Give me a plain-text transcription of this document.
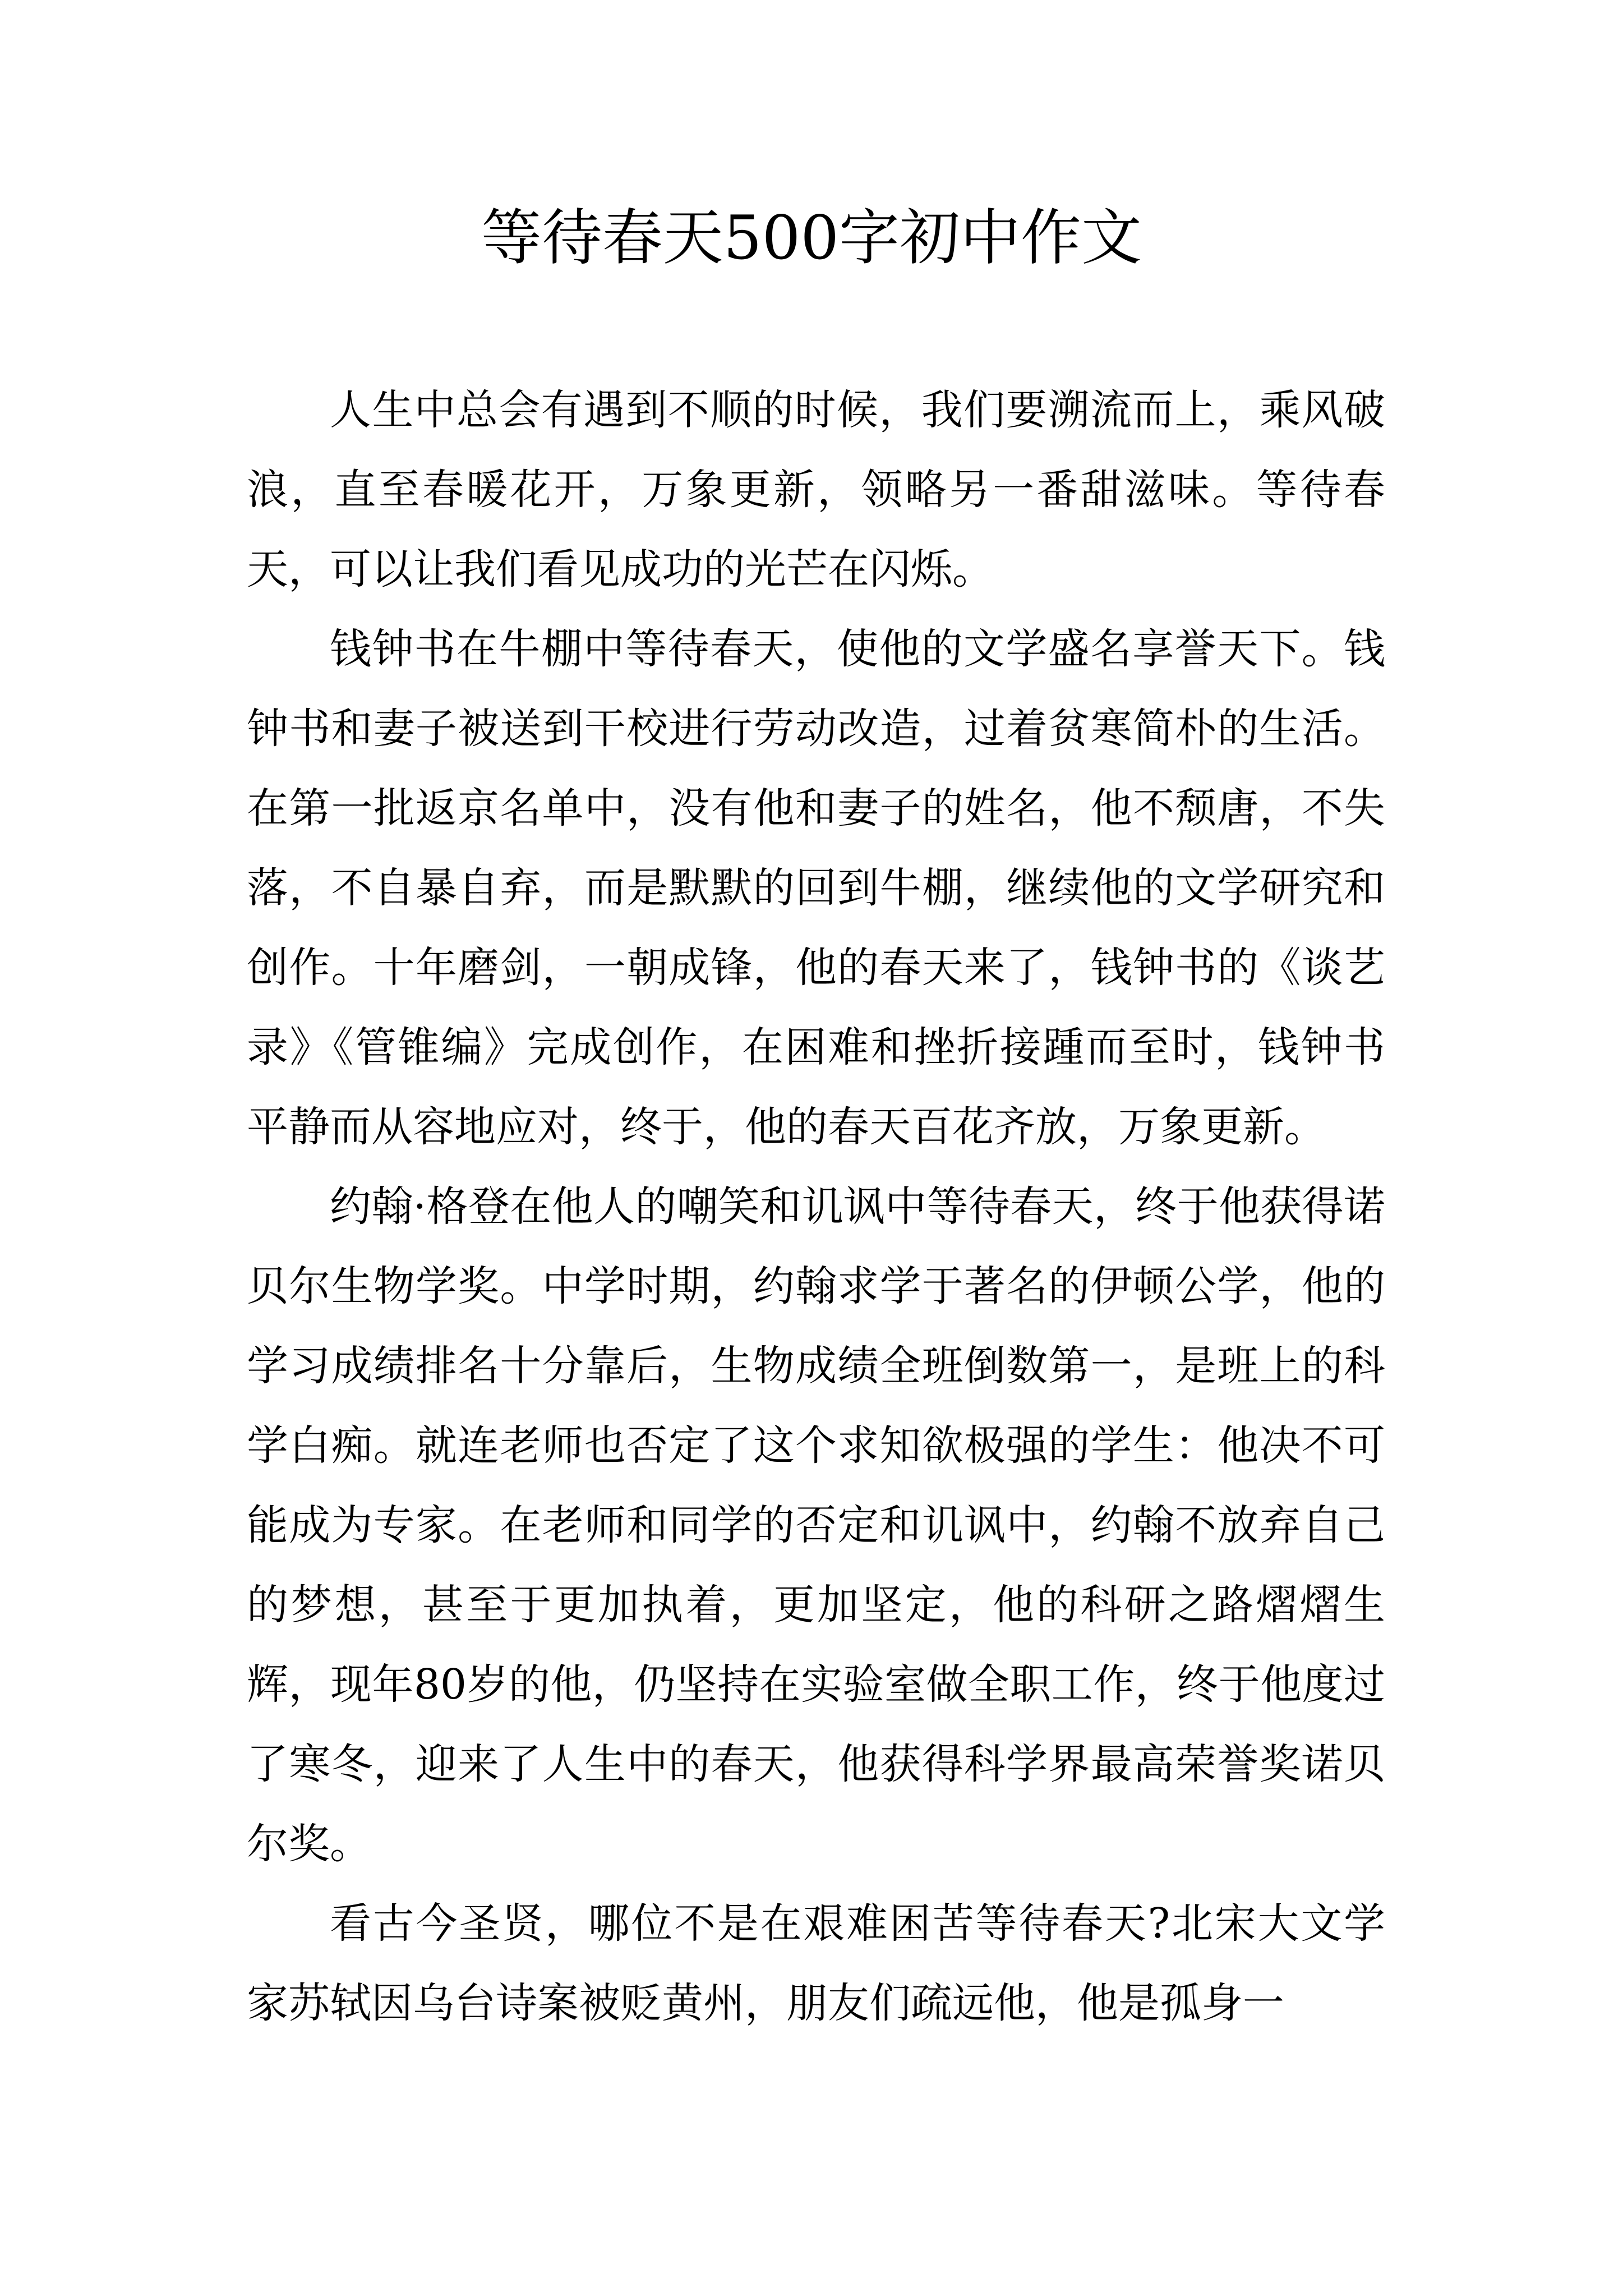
等待春天500字初中作文

人生中总会有遇到不顺的时候，我们要溯流而上，乘风破浪，直至春暖花开，万象更新，领略另一番甜滋味。等待春天，可以让我们看见成功的光芒在闪烁。

钱钟书在牛棚中等待春天，使他的文学盛名享誉天下。钱钟书和妻子被送到干校进行劳动改造，过着贫寒简朴的生活。在第一批返京名单中，没有他和妻子的姓名，他不颓唐，不失落，不自暴自弃，而是默默的回到牛棚，继续他的文学研究和创作。十年磨剑，一朝成锋，他的春天来了，钱钟书的《谈艺录》《管锥编》完成创作，在困难和挫折接踵而至时，钱钟书平静而从容地应对，终于，他的春天百花齐放，万象更新。

约翰·格登在他人的嘲笑和讥讽中等待春天，终于他获得诺贝尔生物学奖。中学时期，约翰求学于著名的伊顿公学，他的学习成绩排名十分靠后，生物成绩全班倒数第一，是班上的科学白痴。就连老师也否定了这个求知欲极强的学生：他决不可能成为专家。在老师和同学的否定和讥讽中，约翰不放弃自己的梦想，甚至于更加执着，更加坚定，他的科研之路熠熠生辉，现年80岁的他，仍坚持在实验室做全职工作，终于他度过了寒冬，迎来了人生中的春天，他获得科学界最高荣誉奖诺贝尔奖。

看古今圣贤，哪位不是在艰难困苦等待春天?北宋大文学家苏轼因乌台诗案被贬黄州，朋友们疏远他，他是孤身一
